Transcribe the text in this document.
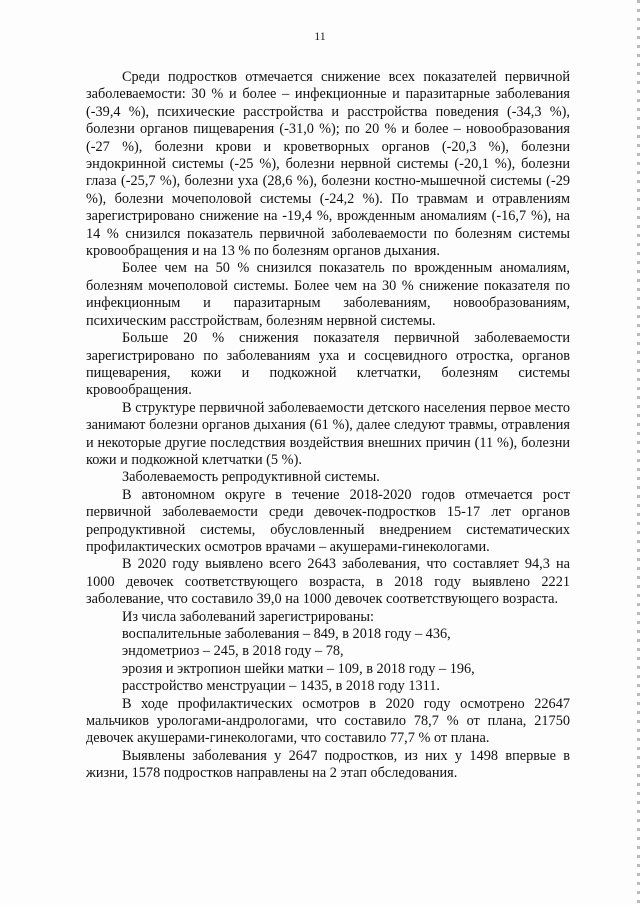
11

Среди подростков отмечается снижение всех показателей первичной заболеваемости: 30 % и более – инфекционные и паразитарные заболевания (-39,4 %), психические расстройства и расстройства поведения (-34,3 %), болезни органов пищеварения (-31,0 %); по 20 % и более – новообразования (-27 %), болезни крови и кроветворных органов (-20,3 %), болезни эндокринной системы (-25 %), болезни нервной системы (-20,1 %), болезни глаза (-25,7 %), болезни уха (28,6 %), болезни костно-мышечной системы (-29 %), болезни мочеполовой системы (-24,2 %). По травмам и отравлениям зарегистрировано снижение на -19,4 %, врожденным аномалиям (-16,7 %), на 14 % снизился показатель первичной заболеваемости по болезням системы кровообращения и на 13 % по болезням органов дыхания.

Более чем на 50 % снизился показатель по врожденным аномалиям, болезням мочеполовой системы. Более чем на 30 % снижение показателя по инфекционным и паразитарным заболеваниям, новообразованиям, психическим расстройствам, болезням нервной системы.

Больше 20 % снижения показателя первичной заболеваемости зарегистрировано по заболеваниям уха и сосцевидного отростка, органов пищеварения, кожи и подкожной клетчатки, болезням системы кровообращения.

В структуре первичной заболеваемости детского населения первое место занимают болезни органов дыхания (61 %), далее следуют травмы, отравления и некоторые другие последствия воздействия внешних причин (11 %), болезни кожи и подкожной клетчатки (5 %).

Заболеваемость репродуктивной системы.

В автономном округе в течение 2018-2020 годов отмечается рост первичной заболеваемости среди девочек-подростков 15-17 лет органов репродуктивной системы, обусловленный внедрением систематических профилактических осмотров врачами – акушерами-гинекологами.

В 2020 году выявлено всего 2643 заболевания, что составляет 94,3 на 1000 девочек соответствующего возраста, в 2018 году выявлено 2221 заболевание, что составило 39,0 на 1000 девочек соответствующего возраста.

Из числа заболеваний зарегистрированы:

воспалительные заболевания – 849, в 2018 году – 436,

эндометриоз – 245, в 2018 году – 78,

эрозия и эктропион шейки матки – 109, в 2018 году – 196,

расстройство менструации – 1435, в 2018 году 1311.

В ходе профилактических осмотров в 2020 году осмотрено 22647 мальчиков урологами-андрологами, что составило 78,7 % от плана, 21750 девочек акушерами-гинекологами, что составило 77,7 % от плана.

Выявлены заболевания у 2647 подростков, из них у 1498 впервые в жизни, 1578 подростков направлены на 2 этап обследования.
